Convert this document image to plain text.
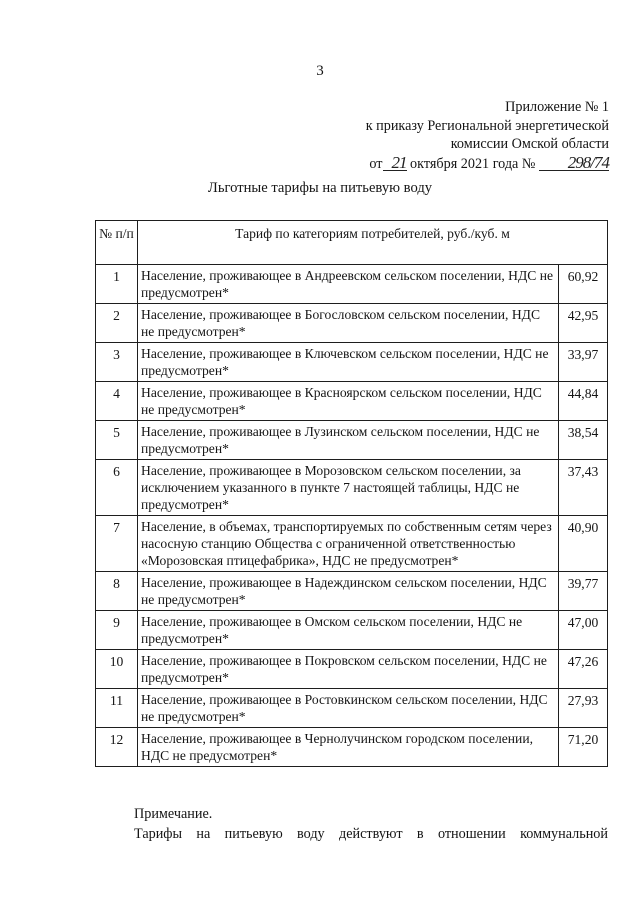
3
Приложение № 1
к приказу Региональной энергетической
комиссии Омской области
от 21 октября 2021 года № 298/74
Льготные тарифы на питьевую воду
№ п/п	Тариф по категориям потребителей, руб./куб. м	
1	Население, проживающее в Андреевском сельском поселении, НДС не предусмотрен*	60,92
2	Население, проживающее в Богословском сельском поселении, НДС не предусмотрен*	42,95
3	Население, проживающее в Ключевском сельском поселении, НДС не предусмотрен*	33,97
4	Население, проживающее в Красноярском сельском поселении, НДС не предусмотрен*	44,84
5	Население, проживающее в Лузинском сельском поселении, НДС не предусмотрен*	38,54
6	Население, проживающее в Морозовском сельском поселении, за исключением указанного в пункте 7 настоящей таблицы, НДС не предусмотрен*	37,43
7	Население, в объемах, транспортируемых по собственным сетям через насосную станцию Общества с ограниченной ответственностью «Морозовская птицефабрика», НДС не предусмотрен*	40,90
8	Население, проживающее в Надеждинском сельском поселении, НДС не предусмотрен*	39,77
9	Население, проживающее в Омском сельском поселении, НДС не предусмотрен*	47,00
10	Население, проживающее в Покровском сельском поселении, НДС не предусмотрен*	47,26
11	Население, проживающее в Ростовкинском сельском поселении, НДС не предусмотрен*	27,93
12	Население, проживающее в Чернолучинском городском поселении, НДС не предусмотрен*	71,20
Примечание.
Тарифы на питьевую воду действуют в отношении коммунальной
